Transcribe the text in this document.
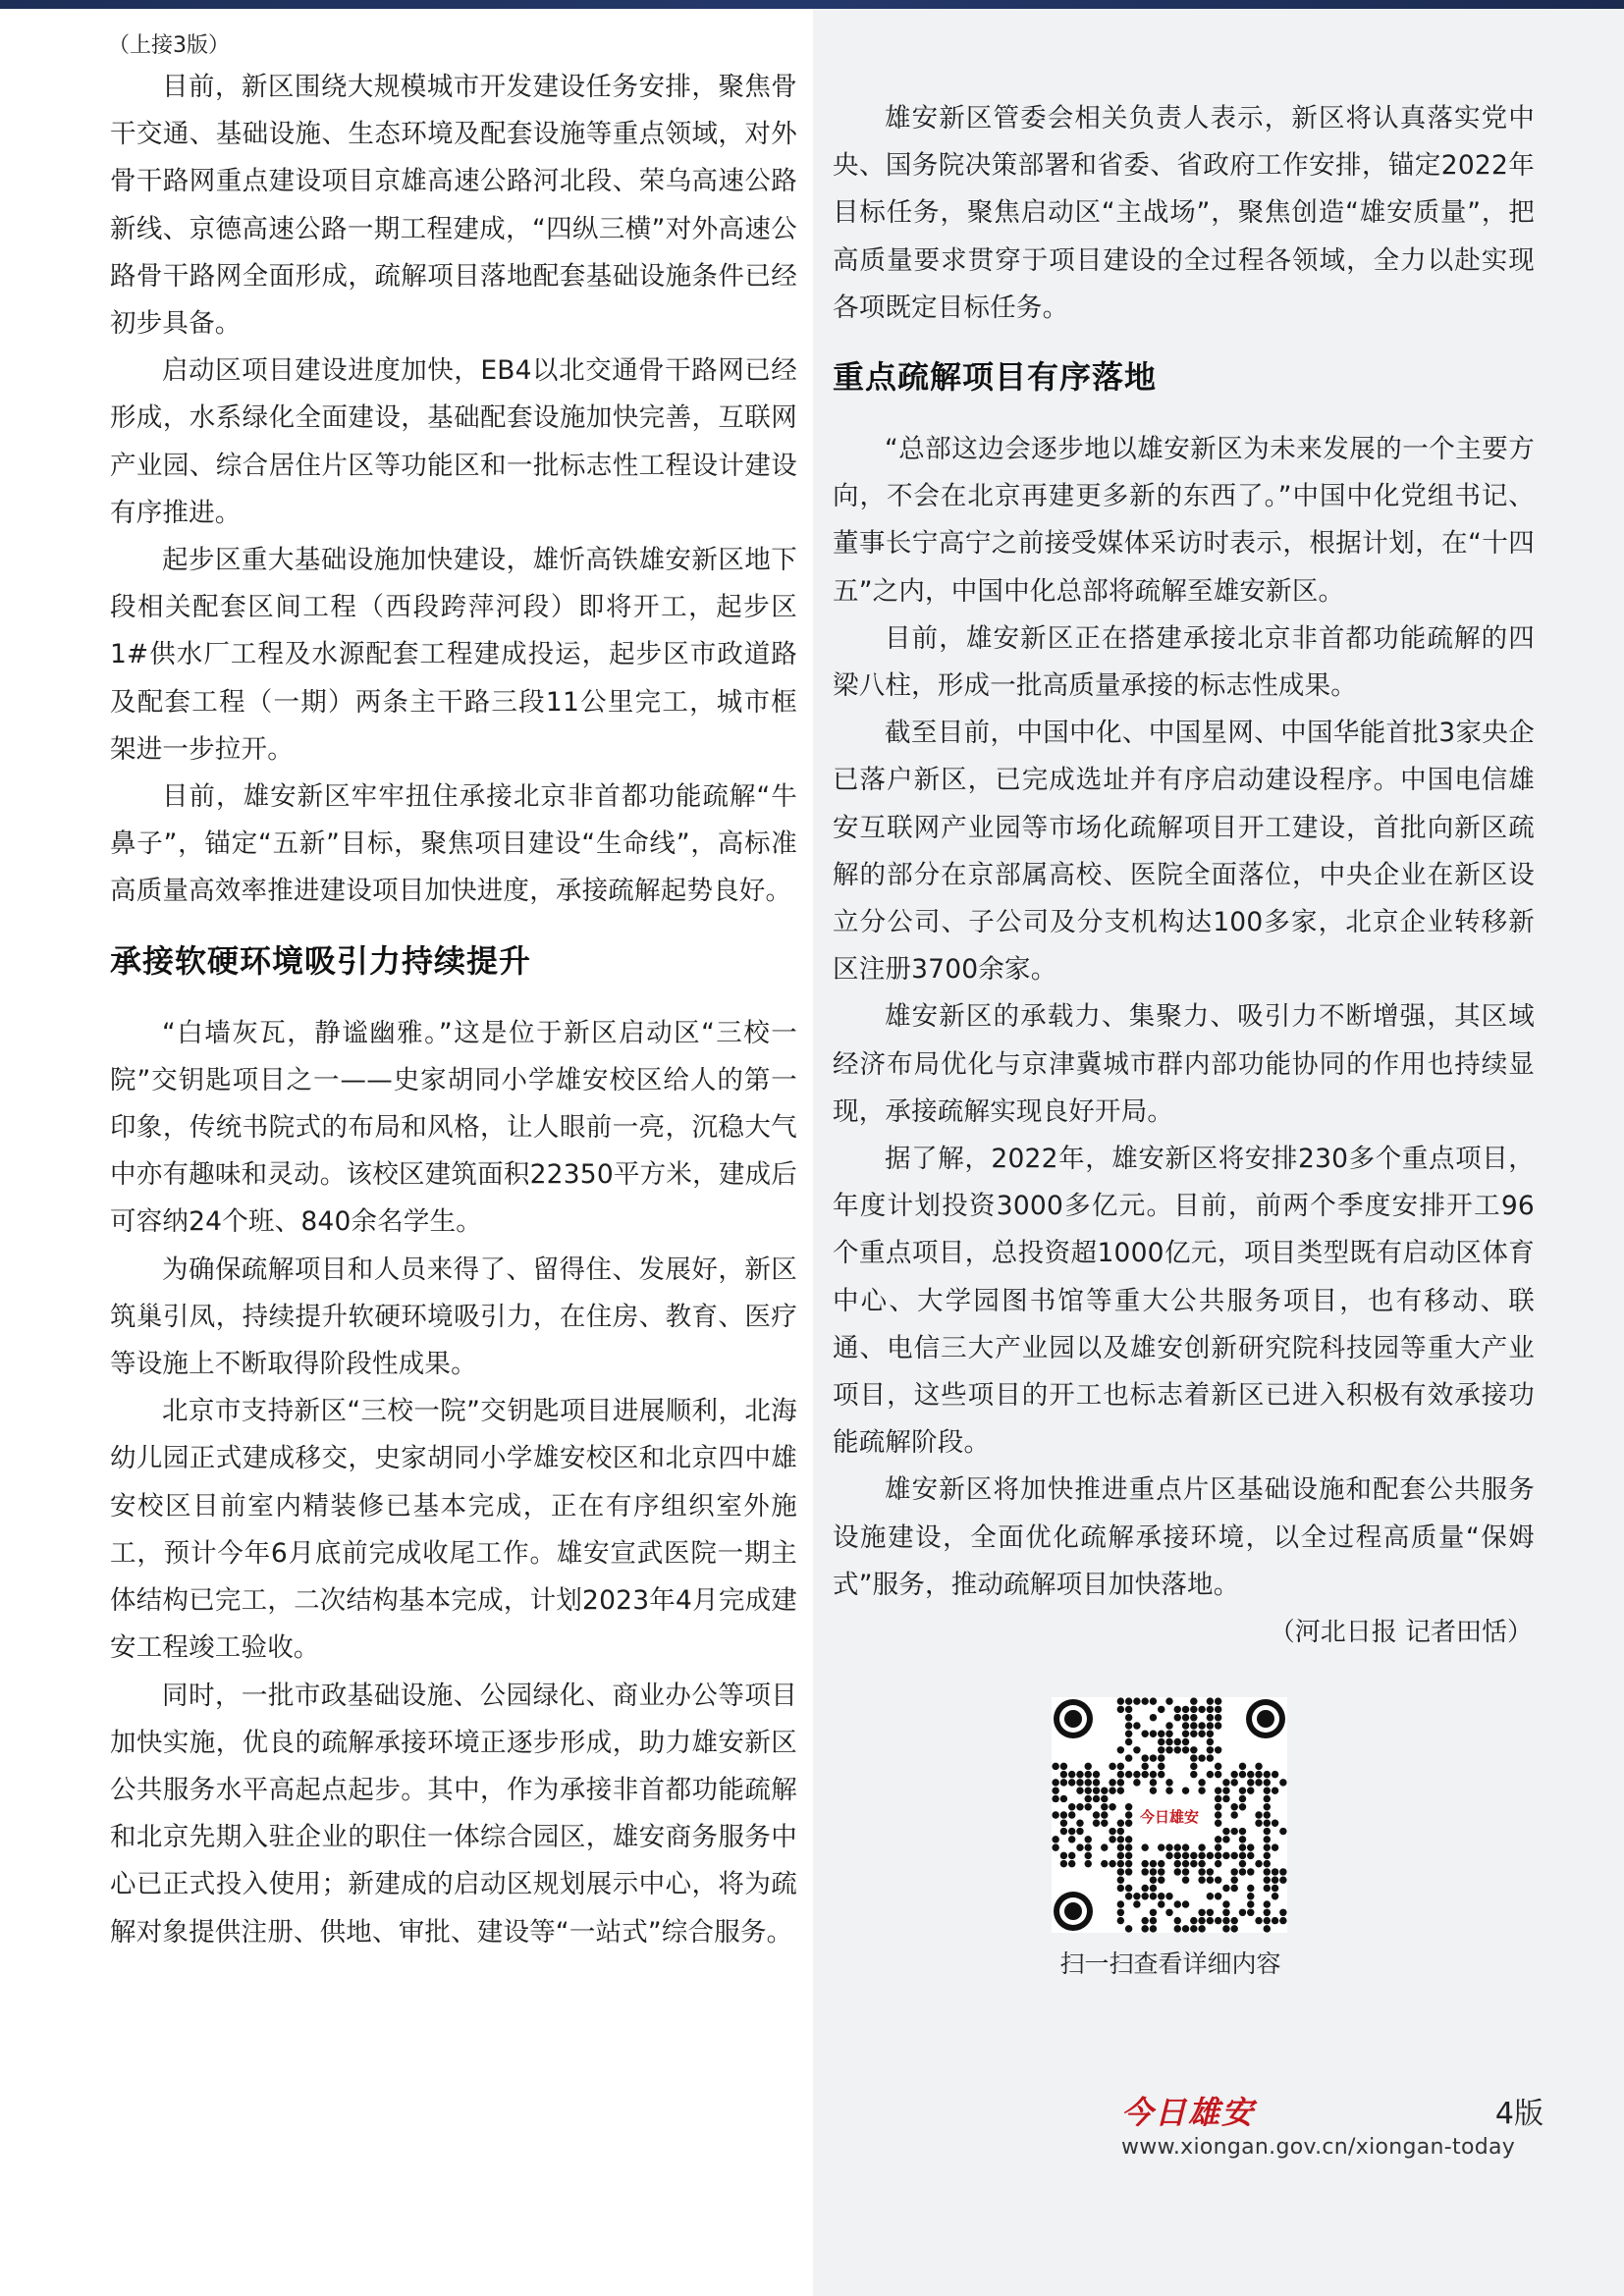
（上接3版）

目前，新区围绕大规模城市开发建设任务安排，聚焦骨干交通、基础设施、生态环境及配套设施等重点领域，对外骨干路网重点建设项目京雄高速公路河北段、荣乌高速公路新线、京德高速公路一期工程建成，“四纵三横”对外高速公路骨干路网全面形成，疏解项目落地配套基础设施条件已经初步具备。

启动区项目建设进度加快，EB4以北交通骨干路网已经形成，水系绿化全面建设，基础配套设施加快完善，互联网产业园、综合居住片区等功能区和一批标志性工程设计建设有序推进。

起步区重大基础设施加快建设，雄忻高铁雄安新区地下段相关配套区间工程（西段跨萍河段）即将开工，起步区1#供水厂工程及水源配套工程建成投运，起步区市政道路及配套工程（一期）两条主干路三段11公里完工，城市框架进一步拉开。

目前，雄安新区牢牢扭住承接北京非首都功能疏解“牛鼻子”，锚定“五新”目标，聚焦项目建设“生命线”，高标准高质量高效率推进建设项目加快进度，承接疏解起势良好。

承接软硬环境吸引力持续提升

“白墙灰瓦，静谧幽雅。”这是位于新区启动区“三校一院”交钥匙项目之一——史家胡同小学雄安校区给人的第一印象，传统书院式的布局和风格，让人眼前一亮，沉稳大气中亦有趣味和灵动。该校区建筑面积22350平方米，建成后可容纳24个班、840余名学生。

为确保疏解项目和人员来得了、留得住、发展好，新区筑巢引凤，持续提升软硬环境吸引力，在住房、教育、医疗等设施上不断取得阶段性成果。

北京市支持新区“三校一院”交钥匙项目进展顺利，北海幼儿园正式建成移交，史家胡同小学雄安校区和北京四中雄安校区目前室内精装修已基本完成，正在有序组织室外施工，预计今年6月底前完成收尾工作。雄安宣武医院一期主体结构已完工，二次结构基本完成，计划2023年4月完成建安工程竣工验收。

同时，一批市政基础设施、公园绿化、商业办公等项目加快实施，优良的疏解承接环境正逐步形成，助力雄安新区公共服务水平高起点起步。其中，作为承接非首都功能疏解和北京先期入驻企业的职住一体综合园区，雄安商务服务中心已正式投入使用；新建成的启动区规划展示中心，将为疏解对象提供注册、供地、审批、建设等“一站式”综合服务。

雄安新区管委会相关负责人表示，新区将认真落实党中央、国务院决策部署和省委、省政府工作安排，锚定2022年目标任务，聚焦启动区“主战场”，聚焦创造“雄安质量”，把高质量要求贯穿于项目建设的全过程各领域，全力以赴实现各项既定目标任务。

重点疏解项目有序落地

“总部这边会逐步地以雄安新区为未来发展的一个主要方向，不会在北京再建更多新的东西了。”中国中化党组书记、董事长宁高宁之前接受媒体采访时表示，根据计划，在“十四五”之内，中国中化总部将疏解至雄安新区。

目前，雄安新区正在搭建承接北京非首都功能疏解的四梁八柱，形成一批高质量承接的标志性成果。

截至目前，中国中化、中国星网、中国华能首批3家央企已落户新区，已完成选址并有序启动建设程序。中国电信雄安互联网产业园等市场化疏解项目开工建设，首批向新区疏解的部分在京部属高校、医院全面落位，中央企业在新区设立分公司、子公司及分支机构达100多家，北京企业转移新区注册3700余家。

雄安新区的承载力、集聚力、吸引力不断增强，其区域经济布局优化与京津冀城市群内部功能协同的作用也持续显现，承接疏解实现良好开局。

据了解，2022年，雄安新区将安排230多个重点项目，年度计划投资3000多亿元。目前，前两个季度安排开工96个重点项目，总投资超1000亿元，项目类型既有启动区体育中心、大学园图书馆等重大公共服务项目，也有移动、联通、电信三大产业园以及雄安创新研究院科技园等重大产业项目，这些项目的开工也标志着新区已进入积极有效承接功能疏解阶段。

雄安新区将加快推进重点片区基础设施和配套公共服务设施建设，全面优化疏解承接环境，以全过程高质量“保姆式”服务，推动疏解项目加快落地。

（河北日报 记者田恬）
今日雄安
扫一扫查看详细内容
今日雄安	4版
www.xiongan.gov.cn/xiongan-today
